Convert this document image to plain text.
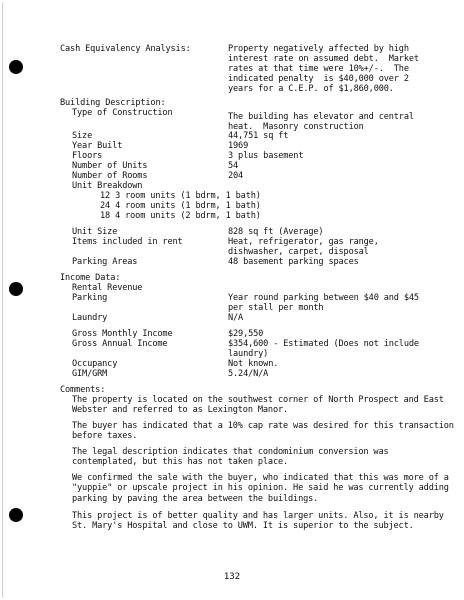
Cash Equivalency Analysis:	Property negatively affected by high
interest rate on assumed debt.  Market
rates at that time were 10%+/-.  The
indicated penalty  is $40,000 over 2
years for a C.E.P. of $1,860,000.
Building Description:
Type of Construction	The building has elevator and central
heat.  Masonry construction
Size	44,751 sq ft
Year Built	1969
Floors	3 plus basement
Number of Units	54
Number of Rooms	204
Unit Breakdown
12 3 room units (1 bdrm, 1 bath)
24 4 room units (1 bdrm, 1 bath)
18 4 room units (2 bdrm, 1 bath)
Unit Size	828 sq ft (Average)
Items included in rent	Heat, refrigerator, gas range,
dishwasher, carpet, disposal
Parking Areas	48 basement parking spaces
Income Data:
Rental Revenue
Parking	Year round parking between $40 and $45
per stall per month
Laundry	N/A
Gross Monthly Income	$29,550
Gross Annual Income	$354,600 - Estimated (Does not include
laundry)
Occupancy	Not known.
GIM/GRM	5.24/N/A
Comments:
The property is located on the southwest corner of North Prospect and East Webster and referred to as Lexington Manor.
The buyer has indicated that a 10% cap rate was desired for this transaction before taxes.
The legal description indicates that condominium conversion was contemplated, but this has not taken place.
We confirmed the sale with the buyer, who indicated that this was more of a "yuppie" or upscale project in his opinion. He said he was currently adding parking by paving the area between the buildings.
This project is of better quality and has larger units. Also, it is nearby St. Mary's Hospital and close to UWM. It is superior to the subject.
132
